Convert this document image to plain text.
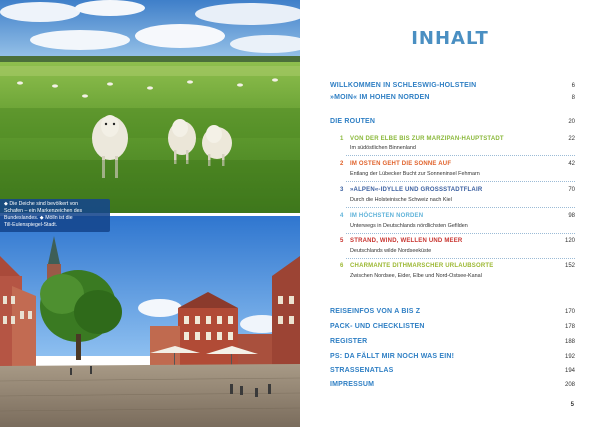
◆ Die Deiche sind bevölkert von
Schafen – ein Markenzeichen des
Bundeslandes. ◆ Mölln ist die
Till-Eulenspiegel-Stadt.
INHALT
WILLKOMMEN IN SCHLESWIG-HOLSTEIN	6
»MOIN« IM HOHEN NORDEN	8
DIE ROUTEN	20
1 VON DER ELBE BIS ZUR MARZIPAN-HAUPTSTADT	22
Im südöstlichen Binnenland
2 IM OSTEN GEHT DIE SONNE AUF	42
Entlang der Lübecker Bucht zur Sonneninsel Fehmarn
3 »ALPEN«-IDYLLE UND GROSSSTADTFLAIR	70
Durch die Holsteinische Schweiz nach Kiel
4 IM HÖCHSTEN NORDEN	98
Unterwegs in Deutschlands nördlichsten Gefilden
5 STRAND, WIND, WELLEN UND MEER	120
Deutschlands wilde Nordseeküste
6 CHARMANTE DITHMARSCHER URLAUBSORTE	152
Zwischen Nordsee, Eider, Elbe und Nord-Ostsee-Kanal
REISEINFOS VON A BIS Z	170
PACK- UND CHECKLISTEN	178
REGISTER	188
PS: DA FÄLLT MIR NOCH WAS EIN!	192
STRASSENATLAS	194
IMPRESSUM	208
5
